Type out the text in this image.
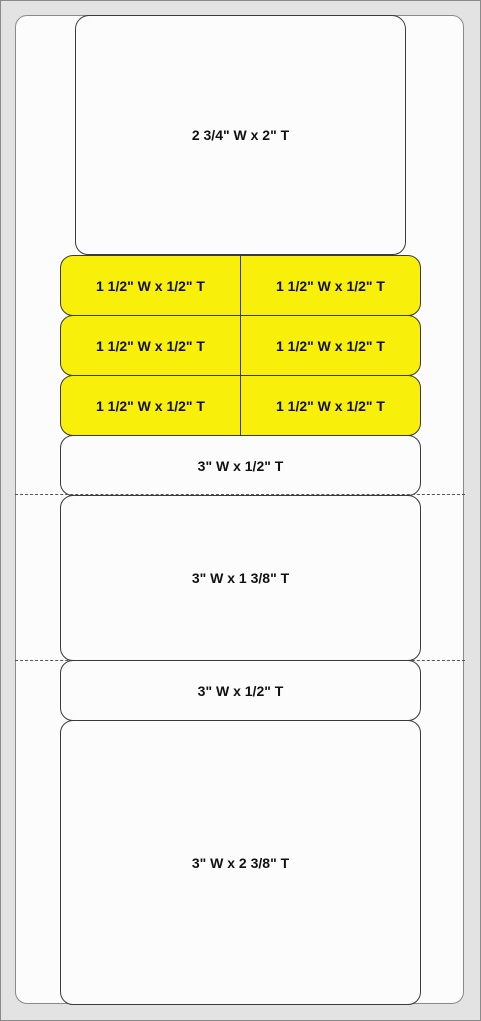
2 3/4" W x 2" T
1 1/2" W x 1/2" T	1 1/2" W x 1/2" T
1 1/2" W x 1/2" T	1 1/2" W x 1/2" T
1 1/2" W x 1/2" T	1 1/2" W x 1/2" T
3" W x 1/2" T
3" W x 1 3/8" T
3" W x 1/2" T
3" W x 2 3/8" T
